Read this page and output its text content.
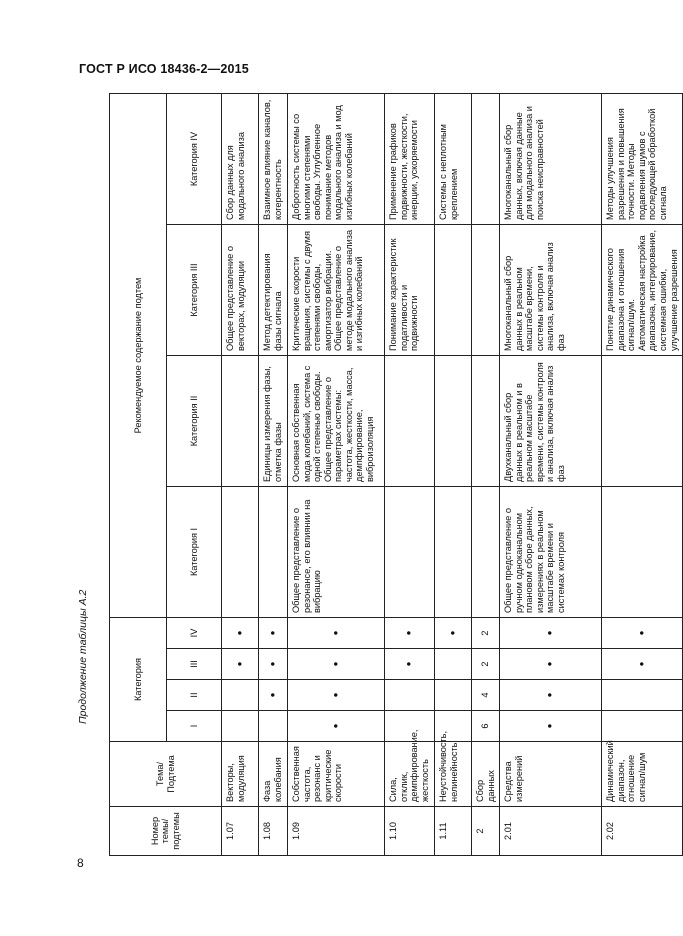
ГОСТ Р ИСО 18436-2—2015
8
Продолжение таблицы А.2
Номер темы/ подтемы	Тема/Подтема	Категория				Рекомендуемое содержание подтем			
		I	II	III	IV	Категория I	Категория II	Категория III	Категория IV
1.07	Векторы, модуляция			•	•			Общее представление о векторах, модуляции	Сбор данных для модального анализа
1.08	Фаза колебания		•	•	•		Единицы измерения фазы, отметка фазы	Метод детектирования фазы сигнала	Взаимное влияние каналов, когерентность
1.09	Собственная частота, резонанс и критические скорости	•	•	•	•	Общее представление о резонансе, его влиянии на вибрацию	Основная собственная мода колебаний, система с одной степенью свободы. Общее представление о параметрах системы: частота, жесткости, масса, демпфирование, виброизоляция	Критические скорости вращения, системы с двумя степенями свободы, амортизатор вибрации. Общее представление о методе модального анализа и изгибных колебаний	Добротность системы со многими степенями свободы. Углубленное понимание методов модального анализа и мод изгибных колебаний
1.10	Сила, отклик, демпфирование, жесткость			•	•			Понимание характеристик податливости и подвижности	Применение графиков подвижности, жесткости, инерции, ускоряемости
1.11	Неустойчивость, нелинейность				•				Системы с неплотным креплением
2	Сбор данных	6	4	2	2				
2.01	Средства измерений	•	•	•	•	Общее представление о ручном одноканальном плановом сборе данных, измерениях в реальном масштабе времени и системах контроля	Двухканальный сбор данных в реальном и в реальном масштабе времени, системы контроля и анализа, включая анализ фаз	Многоканальный сбор данных в реальном масштабе времени, системы контроля и анализа, включая анализ фаз	Многоканальный сбор данных, включая данные для модального анализа и поиска неисправностей
2.02	Динамический диапазон, отношение сигнал/шум			•	•			Понятие динамического диапазона и отношения сигнал/шум. Автоматическая настройка диапазона, интегрирование, системная ошибки, улучшение разрешения	Методы улучшения разрешения и повышения точности. Методы подавления шумов с последующей обработкой сигнала
